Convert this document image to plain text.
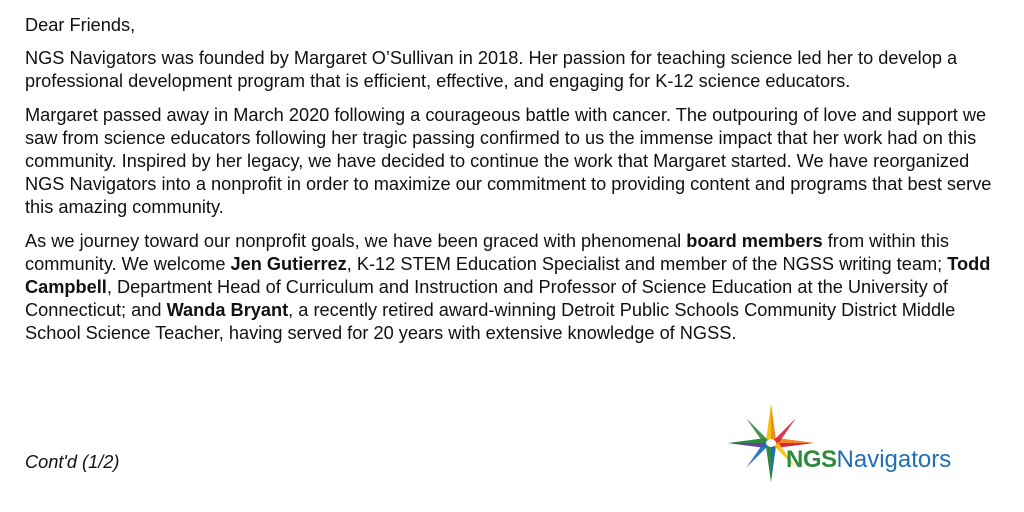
Dear Friends,

NGS Navigators was founded by Margaret O’Sullivan in 2018. Her passion for teaching science led her to develop a professional development program that is efficient, effective, and engaging for K-12 science educators.

Margaret passed away in March 2020 following a courageous battle with cancer. The outpouring of love and support we saw from science educators following her tragic passing confirmed to us the immense impact that her work had on this community. Inspired by her legacy, we have decided to continue the work that Margaret started. We have reorganized NGS Navigators into a nonprofit in order to maximize our commitment to providing content and programs that best serve this amazing community.

As we journey toward our nonprofit goals, we have been graced with phenomenal board members from within this community. We welcome Jen Gutierrez, K-12 STEM Education Specialist and member of the NGSS writing team; Todd Campbell, Department Head of Curriculum and Instruction and Professor of Science Education at the University of Connecticut; and Wanda Bryant, a recently retired award-winning Detroit Public Schools Community District Middle School Science Teacher, having served for 20 years with extensive knowledge of NGSS.

Cont'd (1/2)	NGSNavigators
